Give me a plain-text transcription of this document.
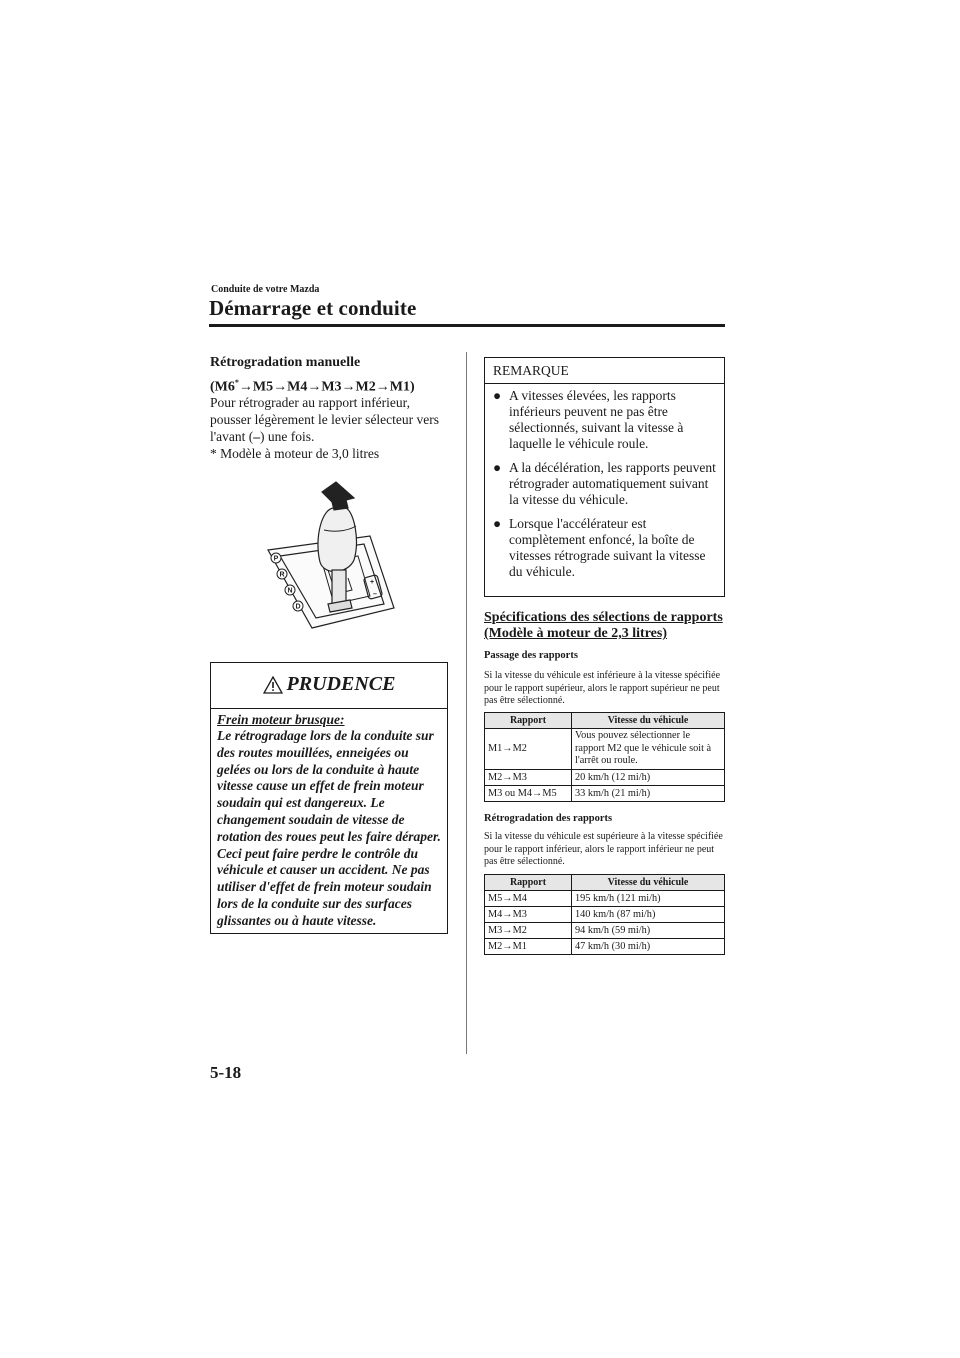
Conduite de votre Mazda
Démarrage et conduite
Rétrogradation manuelle
(M6*→M5→M4→M3→M2→M1)
Pour rétrograder au rapport inférieur, pousser légèrement le levier sélecteur vers l'avant (–) une fois.
* Modèle à moteur de 3,0 litres
P
R
N
D
+
–
PRUDENCE
Frein moteur brusque:
Le rétrogradage lors de la conduite sur des routes mouillées, enneigées ou gelées ou lors de la conduite à haute vitesse cause un effet de frein moteur soudain qui est dangereux. Le changement soudain de vitesse de rotation des roues peut les faire déraper. Ceci peut faire perdre le contrôle du véhicule et causer un accident. Ne pas utiliser d'effet de frein moteur soudain lors de la conduite sur des surfaces glissantes ou à haute vitesse.
REMARQUE
● A vitesses élevées, les rapports inférieurs peuvent ne pas être sélectionnés, suivant la vitesse à laquelle le véhicule roule.
● A la décélération, les rapports peuvent rétrograder automatiquement suivant la vitesse du véhicule.
● Lorsque l'accélérateur est complètement enfoncé, la boîte de vitesses rétrograde suivant la vitesse du véhicule.
Spécifications des sélections de rapports
(Modèle à moteur de 2,3 litres)
Passage des rapports
Si la vitesse du véhicule est inférieure à la vitesse spécifiée pour le rapport supérieur, alors le rapport supérieur ne peut pas être sélectionné.
Rapport	Vitesse du véhicule
M1→M2	Vous pouvez sélectionner le rapport M2 que le véhicule soit à l'arrêt ou roule.
M2→M3	20 km/h (12 mi/h)
M3 ou M4→M5	33 km/h (21 mi/h)
Rétrogradation des rapports
Si la vitesse du véhicule est supérieure à la vitesse spécifiée pour le rapport inférieur, alors le rapport inférieur ne peut pas être sélectionné.
Rapport	Vitesse du véhicule
M5→M4	195 km/h (121 mi/h)
M4→M3	140 km/h (87 mi/h)
M3→M2	94 km/h (59 mi/h)
M2→M1	47 km/h (30 mi/h)
5-18
